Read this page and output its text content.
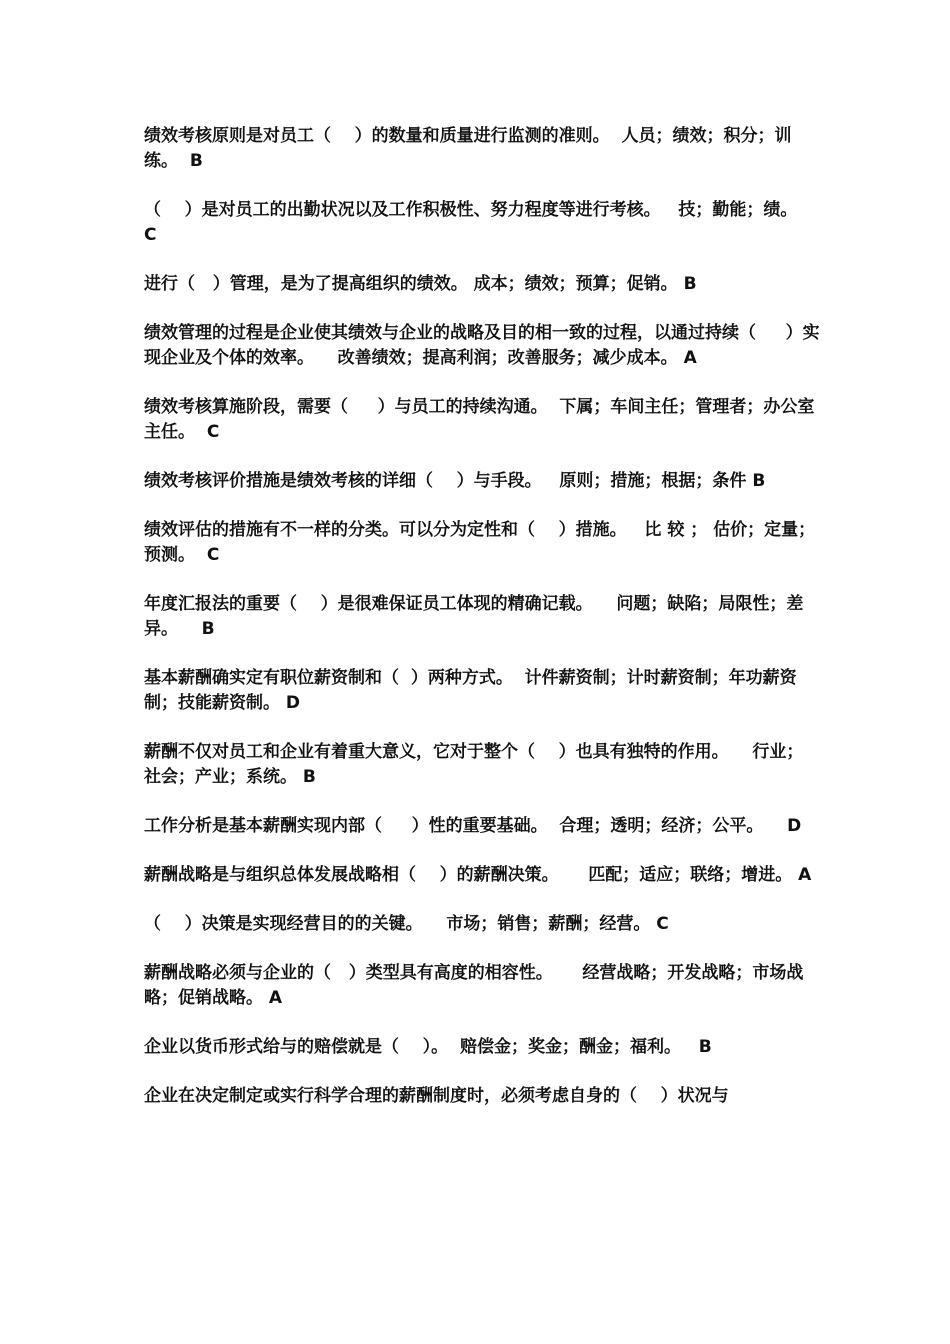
绩效考核原则是对员工（    ）的数量和质量进行监测的准则。  人员；绩效；积分；训练。  B

（    ）是对员工的出勤状况以及工作积极性、努力程度等进行考核。   技；勤能；绩。   C

进行（   ）管理，是为了提高组织的绩效。 成本；绩效；预算；促销。 B

绩效管理的过程是企业使其绩效与企业的战略及目的相一致的过程，以通过持续（     ）实现企业及个体的效率。    改善绩效；提高利润；改善服务；减少成本。 A

绩效考核算施阶段，需要（     ）与员工的持续沟通。  下属；车间主任；管理者；办公室主任。  C

绩效考核评价措施是绩效考核的详细（    ）与手段。   原则；措施；根据；条件 B

绩效评估的措施有不一样的分类。可以分为定性和（    ）措施。   比 较 ； 估价；定量；预测。  C

年度汇报法的重要（    ）是很难保证员工体现的精确记载。    问题；缺陷；局限性；差异。    B

基本薪酬确实定有职位薪资制和（  ）两种方式。  计件薪资制；计时薪资制；年功薪资制；技能薪资制。 D

薪酬不仅对员工和企业有着重大意义，它对于整个（    ）也具有独特的作用。    行业；社会；产业；系统。 B

工作分析是基本薪酬实现内部（     ）性的重要基础。  合理；透明；经济；公平。    D

薪酬战略是与组织总体发展战略相（    ）的薪酬决策。     匹配；适应；联络；增进。 A

（    ）决策是实现经营目的的关键。    市场；销售；薪酬；经营。 C

薪酬战略必须与企业的（   ）类型具有高度的相容性。     经营战略；开发战略；市场战略；促销战略。 A

企业以货币形式给与的赔偿就是（    ）。  赔偿金；奖金；酬金；福利。   B

企业在决定制定或实行科学合理的薪酬制度时，必须考虑自身的（    ）状况与
